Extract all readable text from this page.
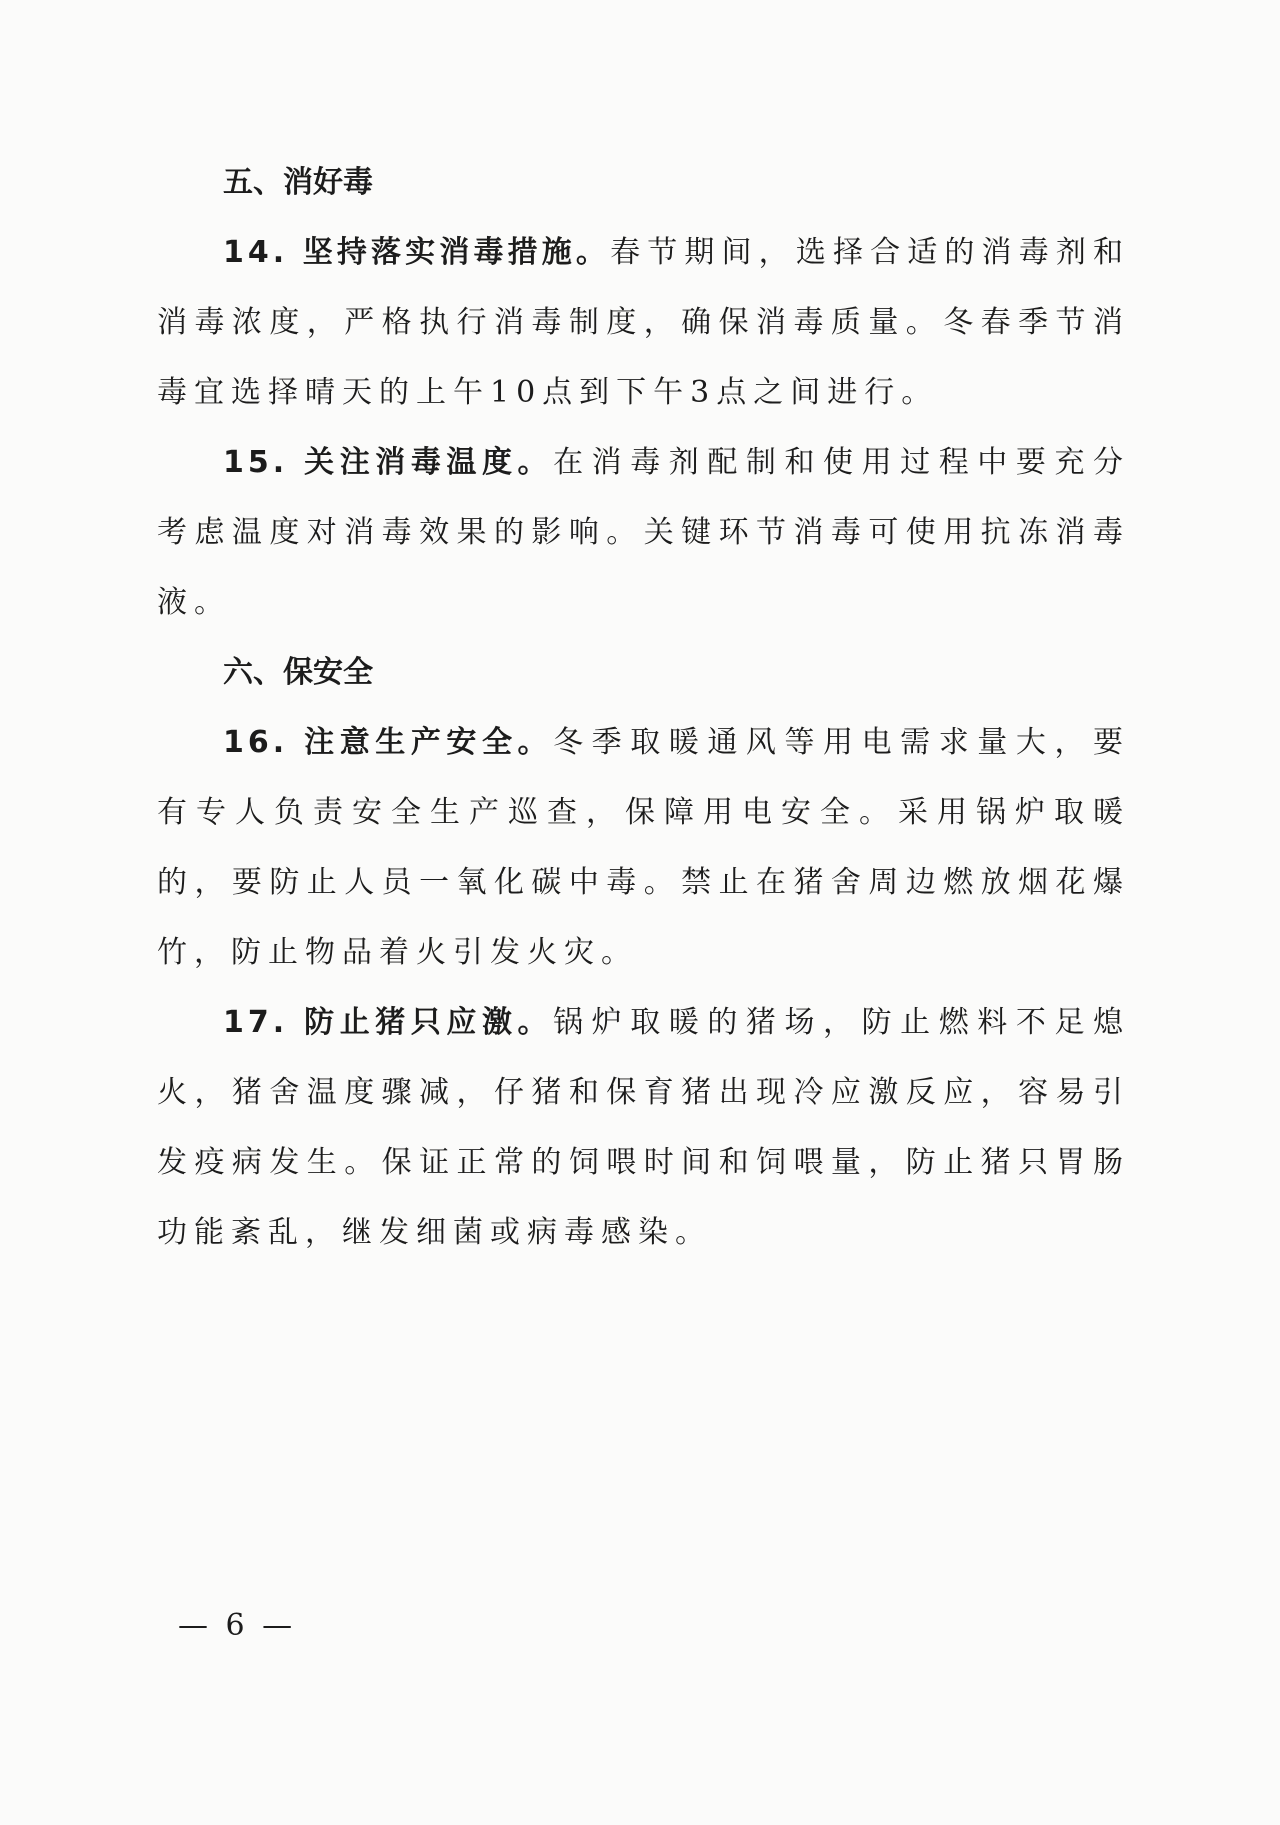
五、消好毒
14. 坚持落实消毒措施。春节期间，选择合适的消毒剂和消毒浓度，严格执行消毒制度，确保消毒质量。冬春季节消毒宜选择晴天的上午10点到下午3点之间进行。
15. 关注消毒温度。在消毒剂配制和使用过程中要充分考虑温度对消毒效果的影响。关键环节消毒可使用抗冻消毒液。
六、保安全
16. 注意生产安全。冬季取暖通风等用电需求量大，要有专人负责安全生产巡查，保障用电安全。采用锅炉取暖的，要防止人员一氧化碳中毒。禁止在猪舍周边燃放烟花爆竹，防止物品着火引发火灾。
17. 防止猪只应激。锅炉取暖的猪场，防止燃料不足熄火，猪舍温度骤减，仔猪和保育猪出现冷应激反应，容易引发疫病发生。保证正常的饲喂时间和饲喂量，防止猪只胃肠功能紊乱，继发细菌或病毒感染。
— 6 —
